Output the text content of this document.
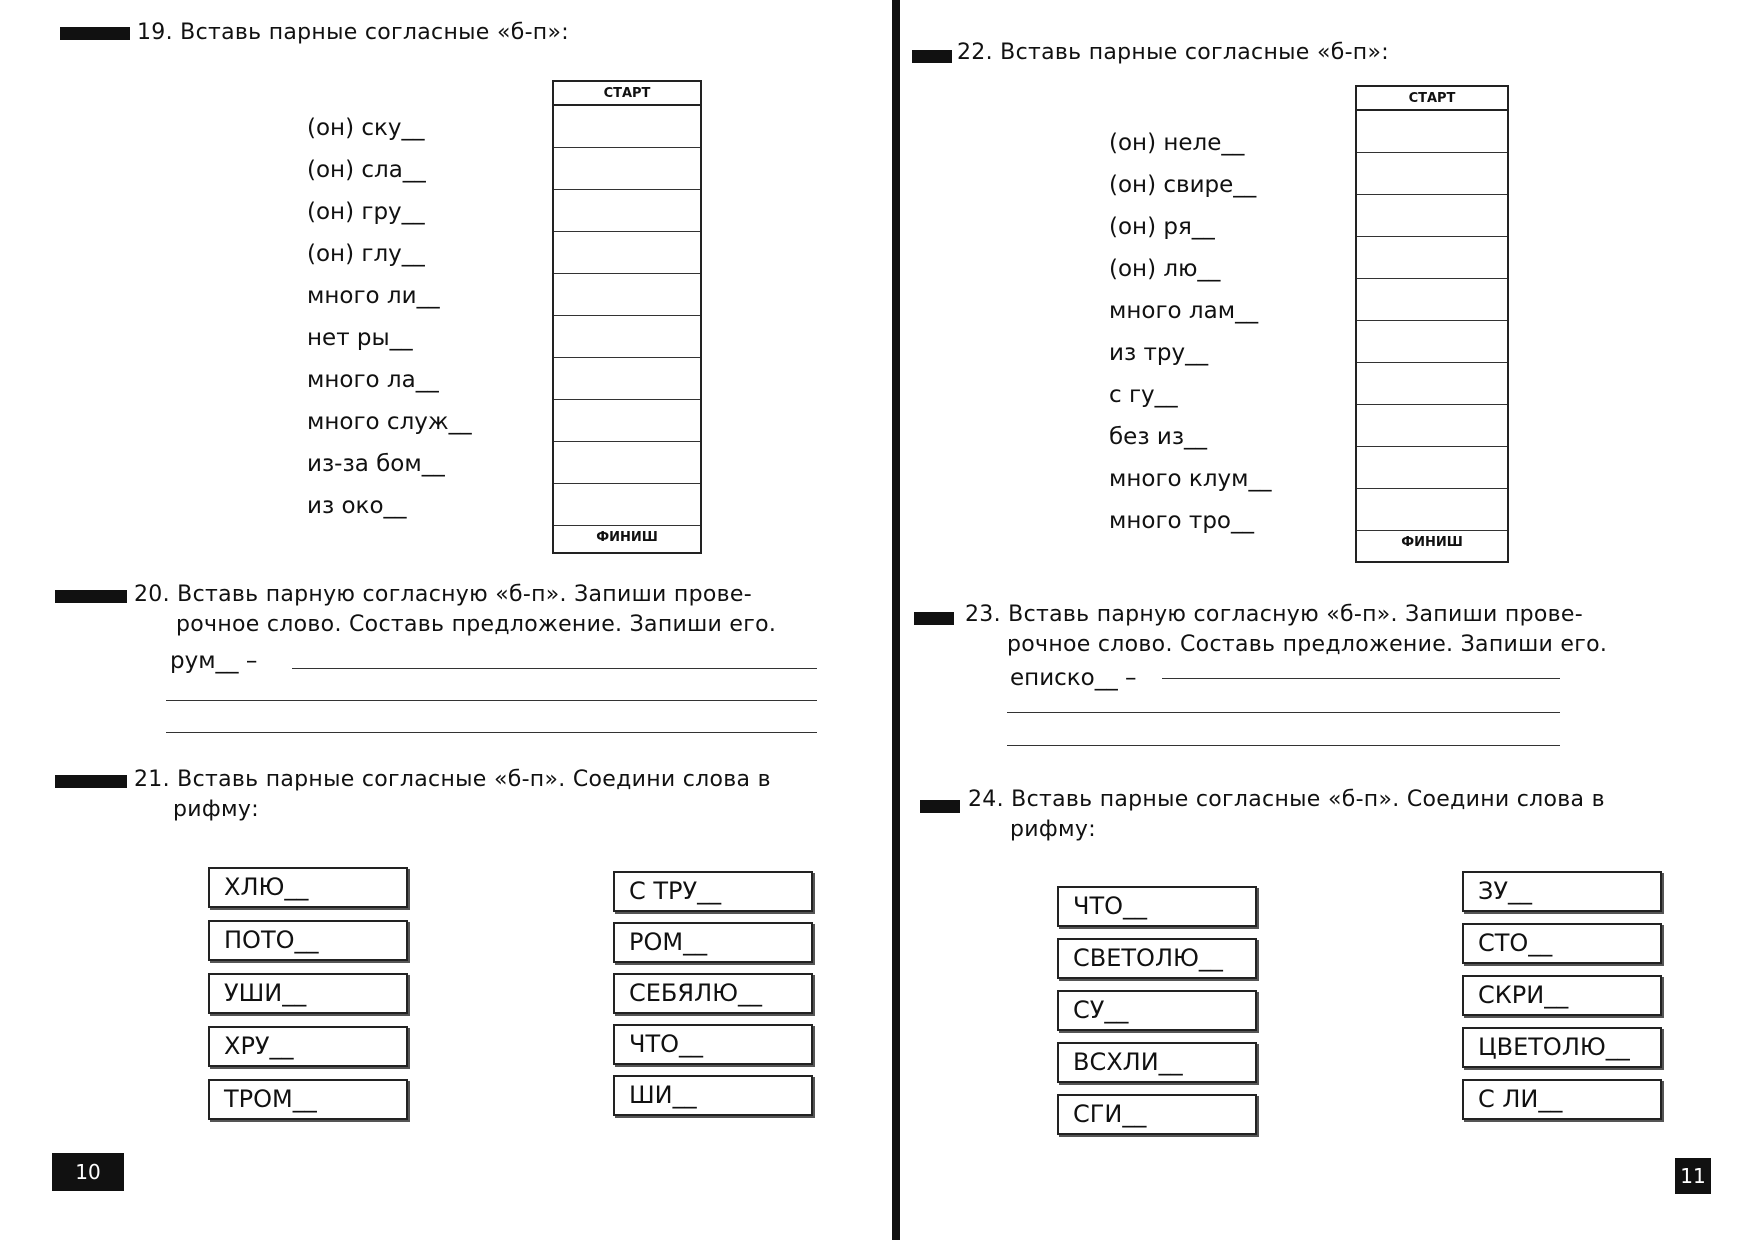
19. Вставь парные согласные «б-п»:
(он) ску__
(он) сла__
(он) гру__
(он) глу__
много ли__
нет ры__
много ла__
много служ__
из-за бом__
из око__
СТАРТ
ФИНИШ
20. Вставь парную согласную «б-п». Запиши прове-
рочное слово. Составь предложение. Запиши его.
рум__ –
21. Вставь парные согласные «б-п». Соедини слова в
рифму:
ХЛЮ__
ПОТО__
УШИ__
ХРУ__
ТРОМ__
С ТРУ__
РОМ__
СЕБЯЛЮ__
ЧТО__
ШИ__
10
22. Вставь парные согласные «б-п»:
(он) неле__
(он) свире__
(он) ря__
(он) лю__
много лам__
из тру__
с гу__
без из__
много клум__
много тро__
СТАРТ
ФИНИШ
23. Вставь парную согласную «б-п». Запиши прове-
рочное слово. Составь предложение. Запиши его.
еписко__ –
24. Вставь парные согласные «б-п». Соедини слова в
рифму:
ЧТО__
СВЕТОЛЮ__
СУ__
ВСХЛИ__
СГИ__
ЗУ__
СТО__
СКРИ__
ЦВЕТОЛЮ__
С ЛИ__
11
